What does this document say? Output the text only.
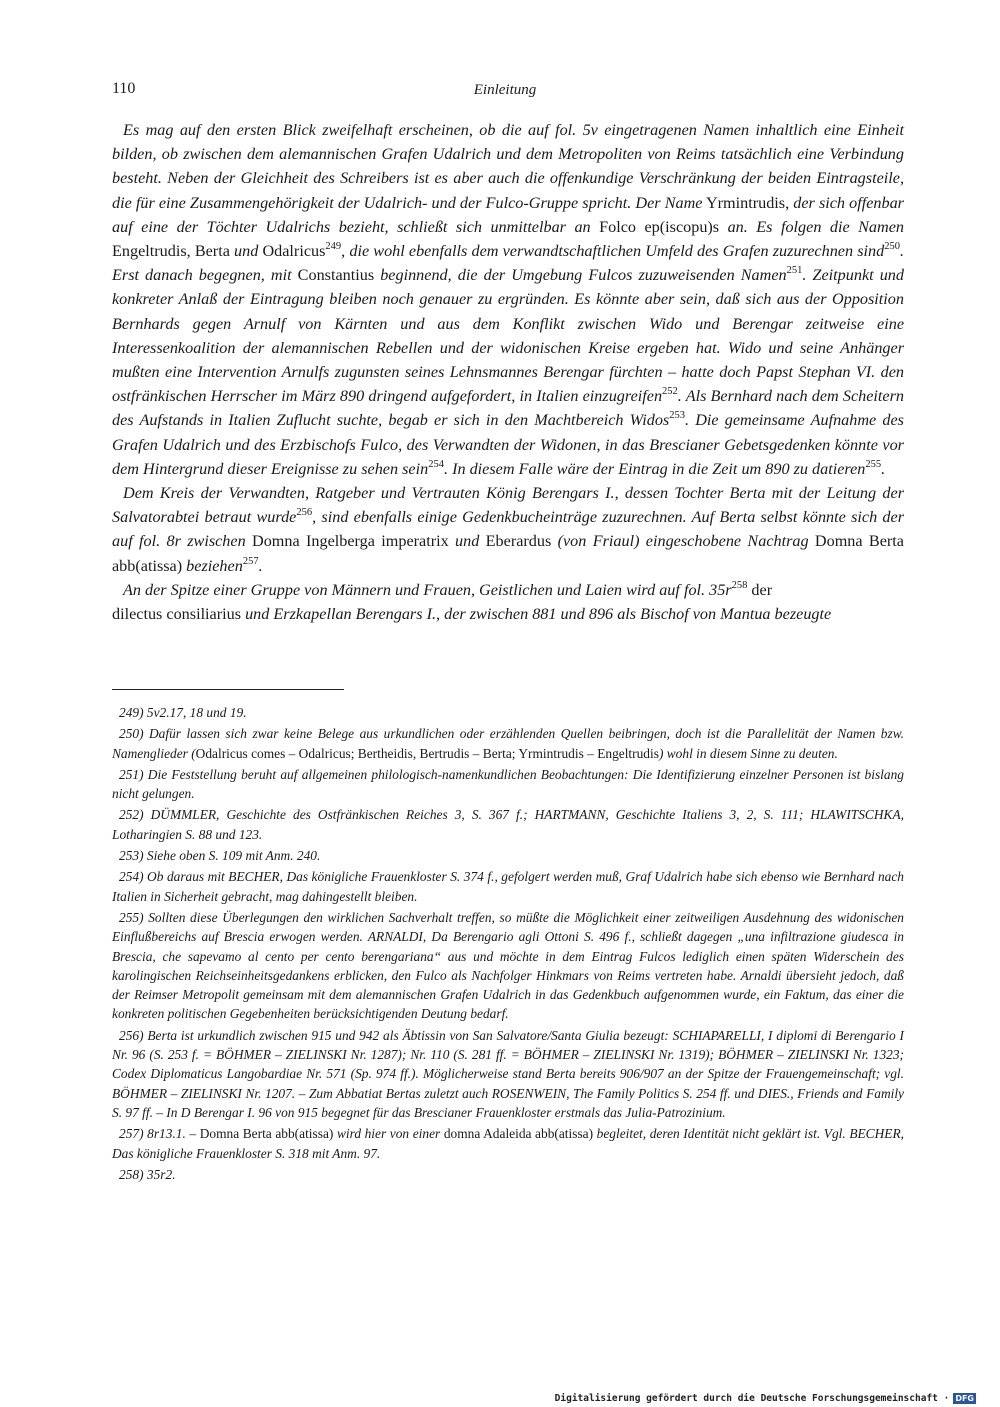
110	Einleitung

Es mag auf den ersten Blick zweifelhaft erscheinen, ob die auf fol. 5v eingetragenen Namen inhaltlich eine Einheit bilden, ob zwischen dem alemannischen Grafen Udalrich und dem Metropoliten von Reims tatsächlich eine Verbindung besteht. Neben der Gleichheit des Schreibers ist es aber auch die offenkundige Verschränkung der beiden Eintragsteile, die für eine Zusammengehörigkeit der Udalrich- und der Fulco-Gruppe spricht. Der Name Yrmintrudis, der sich offenbar auf eine der Töchter Udalrichs bezieht, schließt sich unmittelbar an Folco ep(iscopu)s an. Es folgen die Namen Engeltrudis, Berta und Odalricus$^{249}$, die wohl ebenfalls dem verwandtschaftlichen Umfeld des Grafen zuzurechnen sind$^{250}$. Erst danach begegnen, mit Constantius beginnend, die der Umgebung Fulcos zuzuweisenden Namen$^{251}$. Zeitpunkt und konkreter Anlaß der Eintragung bleiben noch genauer zu ergründen. Es könnte aber sein, daß sich aus der Opposition Bernhards gegen Arnulf von Kärnten und aus dem Konflikt zwischen Wido und Berengar zeitweise eine Interessenkoalition der alemannischen Rebellen und der widonischen Kreise ergeben hat. Wido und seine Anhänger mußten eine Intervention Arnulfs zugunsten seines Lehnsmannes Berengar fürchten – hatte doch Papst Stephan VI. den ostfränkischen Herrscher im März 890 dringend aufgefordert, in Italien einzugreifen$^{252}$. Als Bernhard nach dem Scheitern des Aufstands in Italien Zuflucht suchte, begab er sich in den Machtbereich Widos$^{253}$. Die gemeinsame Aufnahme des Grafen Udalrich und des Erzbischofs Fulco, des Verwandten der Widonen, in das Brescianer Gebetsgedenken könnte vor dem Hintergrund dieser Ereignisse zu sehen sein$^{254}$. In diesem Falle wäre der Eintrag in die Zeit um 890 zu datieren$^{255}$.

Dem Kreis der Verwandten, Ratgeber und Vertrauten König Berengars I., dessen Tochter Berta mit der Leitung der Salvatorabtei betraut wurde$^{256}$, sind ebenfalls einige Gedenkbucheinträge zuzurechnen. Auf Berta selbst könnte sich der auf fol. 8r zwischen Domna Ingelberga imperatrix und Eberardus (von Friaul) eingeschobene Nachtrag Domna Berta abb(atissa) beziehen$^{257}$.

An der Spitze einer Gruppe von Männern und Frauen, Geistlichen und Laien wird auf fol. $35r^{258}$ der
dilectus consiliarius und Erzkapellan Berengars I., der zwischen 881 und 896 als Bischof von Mantua bezeugte

249) 5v2.17, 18 und 19.
250) Dafür lassen sich zwar keine Belege aus urkundlichen oder erzählenden Quellen beibringen, doch ist die Parallelität der Namen bzw. Namenglieder (Odalricus comes – Odalricus; Bertheidis, Bertrudis – Berta; Yrmintrudis – Engeltrudis) wohl in diesem Sinne zu deuten.
251) Die Feststellung beruht auf allgemeinen philologisch-namenkundlichen Beobachtungen: Die Identifizierung einzelner Personen ist bislang nicht gelungen.
252) DÜMMLER, Geschichte des Ostfränkischen Reiches 3, S. 367 f.; HARTMANN, Geschichte Italiens 3, 2, S. 111; HLAWITSCHKA, Lotharingien S. 88 und 123.
253) Siehe oben S. 109 mit Anm. 240.
254) Ob daraus mit BECHER, Das königliche Frauenkloster S. 374 f., gefolgert werden muß, Graf Udalrich habe sich ebenso wie Bernhard nach Italien in Sicherheit gebracht, mag dahingestellt bleiben.
255) Sollten diese Überlegungen den wirklichen Sachverhalt treffen, so müßte die Möglichkeit einer zeitweiligen Ausdehnung des widonischen Einflußbereichs auf Brescia erwogen werden. ARNALDI, Da Berengario agli Ottoni S. 496 f., schließt dagegen „una infiltrazione giudesca in Brescia, che sapevamo al cento per cento berengariana“ aus und möchte in dem Eintrag Fulcos lediglich einen späten Widerschein des karolingischen Reichseinheitsgedankens erblicken, den Fulco als Nachfolger Hinkmars von Reims vertreten habe. Arnaldi übersieht jedoch, daß der Reimser Metropolit gemeinsam mit dem alemannischen Grafen Udalrich in das Gedenkbuch aufgenommen wurde, ein Faktum, das einer die konkreten politischen Gegebenheiten berücksichtigenden Deutung bedarf.
256) Berta ist urkundlich zwischen 915 und 942 als Äbtissin von San Salvatore/Santa Giulia bezeugt: SCHIAPARELLI, I diplomi di Berengario I Nr. 96 (S. 253 f. = BÖHMER – ZIELINSKI Nr. 1287); Nr. 110 (S. 281 ff. = BÖHMER – ZIELINSKI Nr. 1319); BÖHMER – ZIELINSKI Nr. 1323; Codex Diplomaticus Langobardiae Nr. 571 (Sp. 974 ff.). Möglicherweise stand Berta bereits 906/907 an der Spitze der Frauengemeinschaft; vgl. BÖHMER – ZIELINSKI Nr. 1207. – Zum Abbatiat Bertas zuletzt auch ROSENWEIN, The Family Politics S. 254 ff. und DIES., Friends and Family S. 97 ff. – In D Berengar I. 96 von 915 begegnet für das Brescianer Frauenkloster erstmals das Julia-Patrozinium.
257) 8r13.1. – Domna Berta abb(atissa) wird hier von einer domna Adaleida abb(atissa) begleitet, deren Identität nicht geklärt ist. Vgl. BECHER, Das königliche Frauenkloster S. 318 mit Anm. 97.
258) 35r2.
Digitalisierung gefördert durch die Deutsche Forschungsgemeinschaft · DFG
